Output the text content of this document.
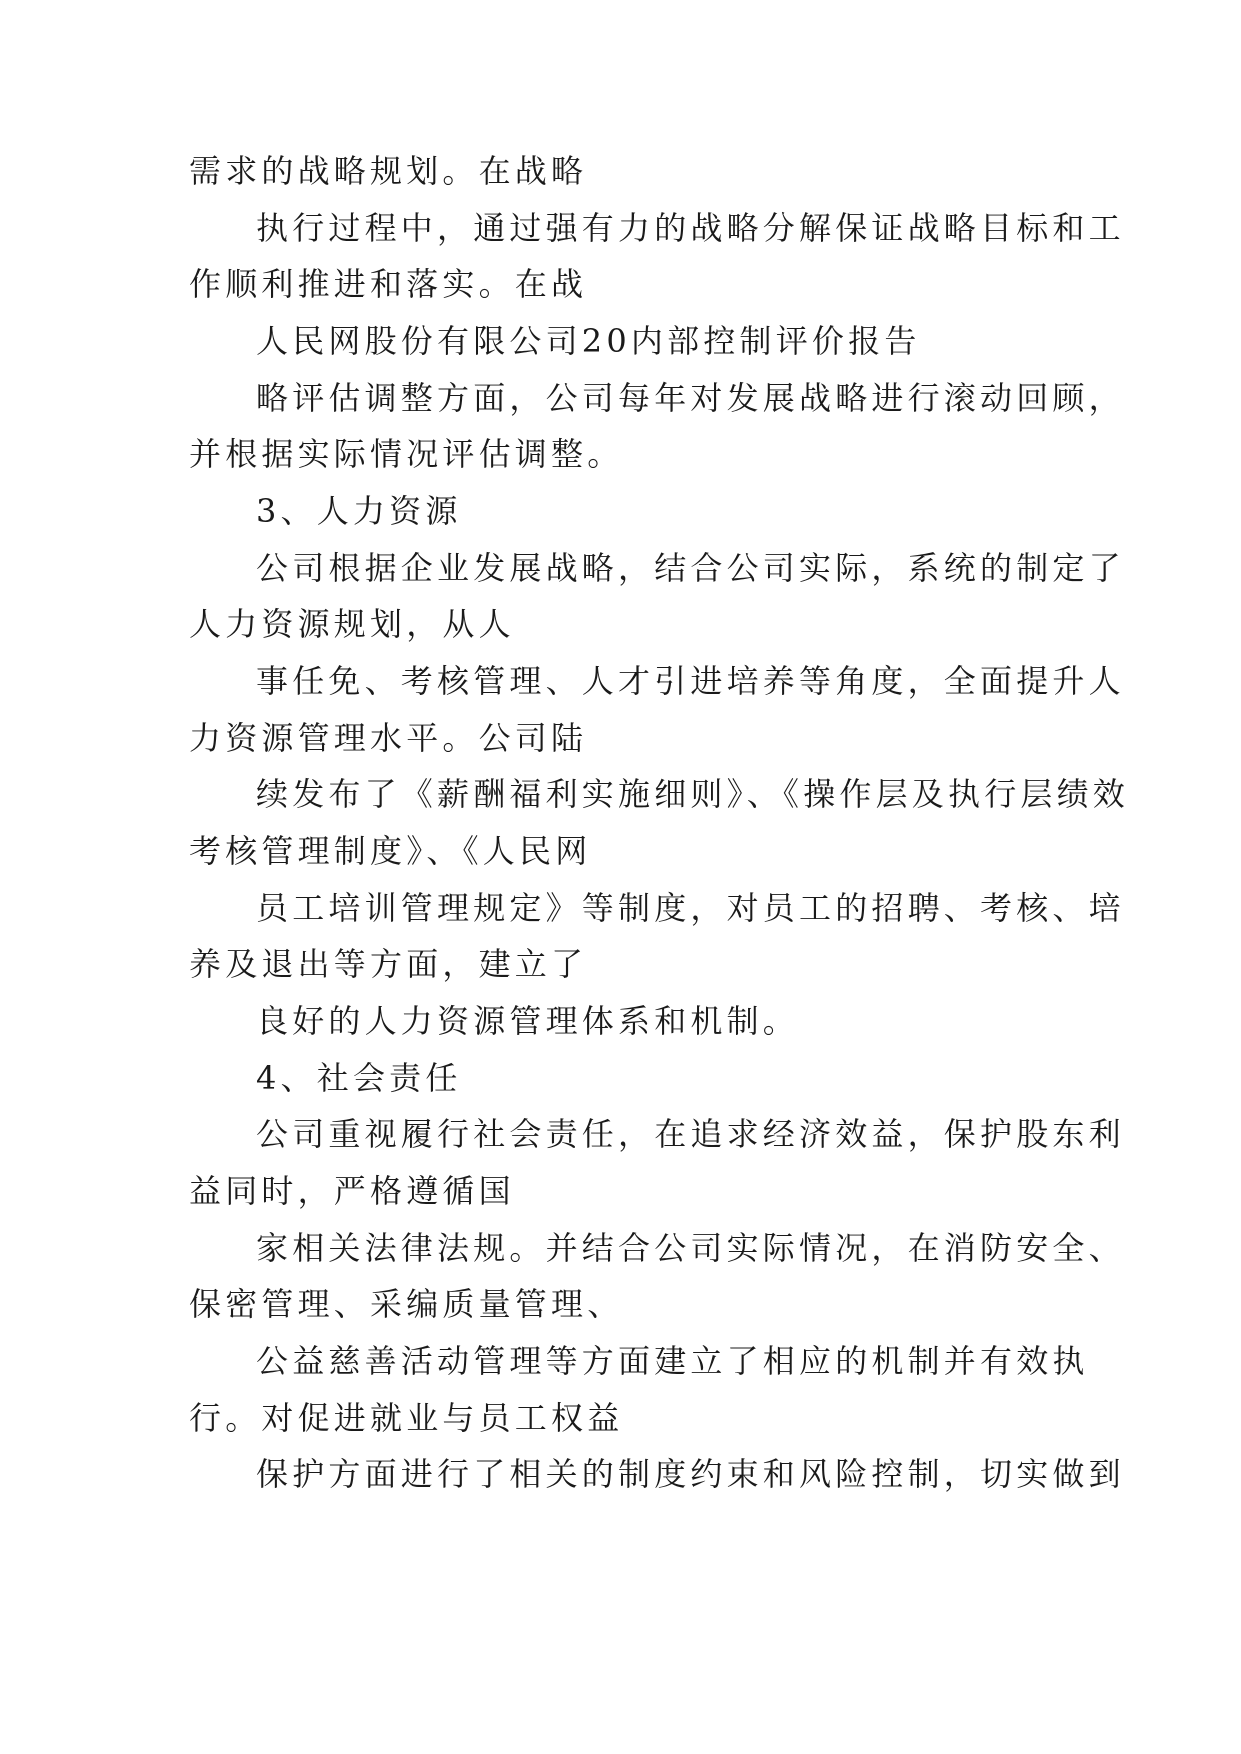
需求的战略规划。在战略
执行过程中，通过强有力的战略分解保证战略目标和工
作顺利推进和落实。在战
人民网股份有限公司20内部控制评价报告
略评估调整方面，公司每年对发展战略进行滚动回顾，
并根据实际情况评估调整。
3、人力资源
公司根据企业发展战略，结合公司实际，系统的制定了
人力资源规划，从人
事任免、考核管理、人才引进培养等角度，全面提升人
力资源管理水平。公司陆
续发布了《薪酬福利实施细则》、《操作层及执行层绩效
考核管理制度》、《人民网
员工培训管理规定》等制度，对员工的招聘、考核、培
养及退出等方面，建立了
良好的人力资源管理体系和机制。
4、社会责任
公司重视履行社会责任，在追求经济效益，保护股东利
益同时，严格遵循国
家相关法律法规。并结合公司实际情况，在消防安全、
保密管理、采编质量管理、
公益慈善活动管理等方面建立了相应的机制并有效执
行。对促进就业与员工权益
保护方面进行了相关的制度约束和风险控制，切实做到
